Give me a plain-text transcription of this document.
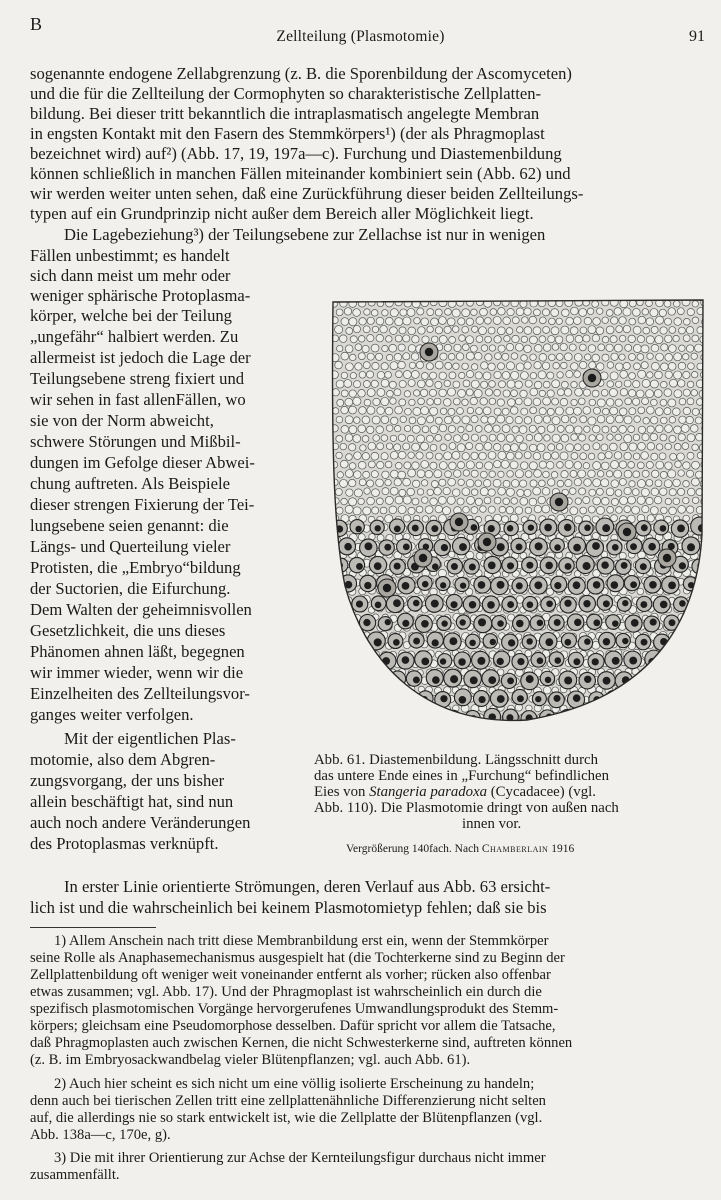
B
Zellteilung (Plasmotomie)	91
sogenannte endogene Zellabgrenzung (z. B. die Sporenbildung der Ascomyceten)
und die für die Zellteilung der Cormophyten so charakteristische Zellplatten-
bildung. Bei dieser tritt bekanntlich die intraplasmatisch angelegte Membran
in engsten Kontakt mit den Fasern des Stemmkörpers¹) (der als Phragmoplast
bezeichnet wird) auf²) (Abb. 17, 19, 197a—c). Furchung und Diastemenbildung
können schließlich in manchen Fällen miteinander kombiniert sein (Abb. 62) und
wir werden weiter unten sehen, daß eine Zurückführung dieser beiden Zellteilungs-
typen auf ein Grundprinzip nicht außer dem Bereich aller Möglichkeit liegt.
Die Lagebeziehung³) der Teilungsebene zur Zellachse ist nur in wenigen
Fällen unbestimmt; es handelt
sich dann meist um mehr oder
weniger sphärische Protoplasma-
körper, welche bei der Teilung
„ungefähr“ halbiert werden. Zu
allermeist ist jedoch die Lage der
Teilungsebene streng fixiert und
wir sehen in fast allenFällen, wo
sie von der Norm abweicht,
schwere Störungen und Mißbil-
dungen im Gefolge dieser Abwei-
chung auftreten. Als Beispiele
dieser strengen Fixierung der Tei-
lungsebene seien genannt: die
Längs- und Querteilung vieler
Protisten, die „Embryo“bildung
der Suctorien, die Eifurchung.
Dem Walten der geheimnisvollen
Gesetzlichkeit, die uns dieses
Phänomen ahnen läßt, begegnen
wir immer wieder, wenn wir die
Einzelheiten des Zellteilungsvor-
ganges weiter verfolgen.
Mit der eigentlichen Plas-
motomie, also dem Abgren-
zungsvorgang, der uns bisher
allein beschäftigt hat, sind nun
auch noch andere Veränderungen
des Protoplasmas verknüpft.
Abb. 61. Diastemenbildung. Längsschnitt durch
das untere Ende eines in „Furchung“ befindlichen
Eies von Stangeria paradoxa (Cycadacee) (vgl.
Abb. 110). Die Plasmotomie dringt von außen nach
innen vor.
Vergrößerung 140fach. Nach Chamberlain 1916
In erster Linie orientierte Strömungen, deren Verlauf aus Abb. 63 ersicht-
lich ist und die wahrscheinlich bei keinem Plasmotomietyp fehlen; daß sie bis
1) Allem Anschein nach tritt diese Membranbildung erst ein, wenn der Stemmkörper
seine Rolle als Anaphasemechanismus ausgespielt hat (die Tochterkerne sind zu Beginn der
Zellplattenbildung oft weniger weit voneinander entfernt als vorher; rücken also offenbar
etwas zusammen; vgl. Abb. 17). Und der Phragmoplast ist wahrscheinlich ein durch die
spezifisch plasmotomischen Vorgänge hervorgerufenes Umwandlungsprodukt des Stemm-
körpers; gleichsam eine Pseudomorphose desselben. Dafür spricht vor allem die Tatsache,
daß Phragmoplasten auch zwischen Kernen, die nicht Schwesterkerne sind, auftreten können
(z. B. im Embryosackwandbelag vieler Blütenpflanzen; vgl. auch Abb. 61).
2) Auch hier scheint es sich nicht um eine völlig isolierte Erscheinung zu handeln;
denn auch bei tierischen Zellen tritt eine zellplattenähnliche Differenzierung nicht selten
auf, die allerdings nie so stark entwickelt ist, wie die Zellplatte der Blütenpflanzen (vgl.
Abb. 138a—c, 170e, g).
3) Die mit ihrer Orientierung zur Achse der Kernteilungsfigur durchaus nicht immer
zusammenfällt.
